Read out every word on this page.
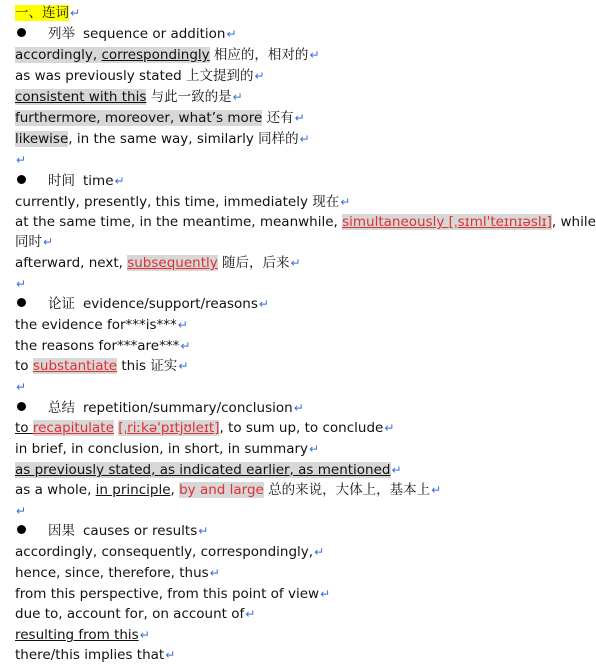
一、连词↵
列举 sequence or addition↵
accordingly, correspondingly 相应的，相对的↵
as was previously stated 上文提到的↵
consistent with this 与此一致的是↵
furthermore, moreover, what’s more 还有↵
likewise, in the same way, similarly 同样的↵
↵
时间 time↵
currently, presently, this time, immediately 现在↵
at the same time, in the meantime, meanwhile, simultaneously [ˌsɪml'teɪnɪəslɪ], while
同时↵
afterward, next, subsequently 随后，后来↵
↵
论证 evidence/support/reasons↵
the evidence for***is***↵
the reasons for***are***↵
to substantiate this 证实↵
↵
总结 repetition/summary/conclusion↵
to recapitulate [ˌriːkə'pɪtjʊleɪt], to sum up, to conclude↵
in brief, in conclusion, in short, in summary↵
as previously stated, as indicated earlier, as mentioned↵
as a whole, in principle, by and large 总的来说，大体上，基本上↵
↵
因果 causes or results↵
accordingly, consequently, correspondingly,↵
hence, since, therefore, thus↵
from this perspective, from this point of view↵
due to, account for, on account of↵
resulting from this↵
there/this implies that↵
